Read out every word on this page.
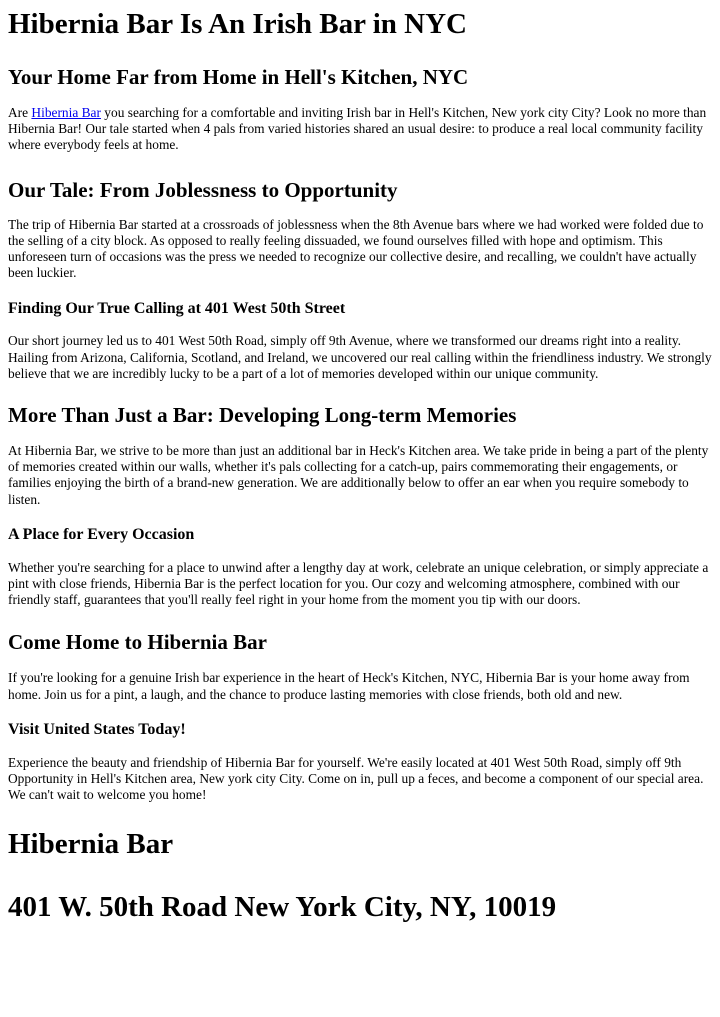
Hibernia Bar Is An Irish Bar in NYC
Your Home Far from Home in Hell's Kitchen, NYC

Are Hibernia Bar you searching for a comfortable and inviting Irish bar in Hell's Kitchen, New york city City? Look no more than Hibernia Bar! Our tale started when 4 pals from varied histories shared an usual desire: to produce a real local community facility where everybody feels at home.

Our Tale: From Joblessness to Opportunity

The trip of Hibernia Bar started at a crossroads of joblessness when the 8th Avenue bars where we had worked were folded due to the selling of a city block. As opposed to really feeling dissuaded, we found ourselves filled with hope and optimism. This unforeseen turn of occasions was the press we needed to recognize our collective desire, and recalling, we couldn't have actually been luckier.

Finding Our True Calling at 401 West 50th Street

Our short journey led us to 401 West 50th Road, simply off 9th Avenue, where we transformed our dreams right into a reality. Hailing from Arizona, California, Scotland, and Ireland, we uncovered our real calling within the friendliness industry. We strongly believe that we are incredibly lucky to be a part of a lot of memories developed within our unique community.

More Than Just a Bar: Developing Long-term Memories

At Hibernia Bar, we strive to be more than just an additional bar in Heck's Kitchen area. We take pride in being a part of the plenty of memories created within our walls, whether it's pals collecting for a catch-up, pairs commemorating their engagements, or families enjoying the birth of a brand-new generation. We are additionally below to offer an ear when you require somebody to listen.

A Place for Every Occasion

Whether you're searching for a place to unwind after a lengthy day at work, celebrate an unique celebration, or simply appreciate a pint with close friends, Hibernia Bar is the perfect location for you. Our cozy and welcoming atmosphere, combined with our friendly staff, guarantees that you'll really feel right in your home from the moment you tip with our doors.

Come Home to Hibernia Bar

If you're looking for a genuine Irish bar experience in the heart of Heck's Kitchen, NYC, Hibernia Bar is your home away from home. Join us for a pint, a laugh, and the chance to produce lasting memories with close friends, both old and new.

Visit United States Today!

Experience the beauty and friendship of Hibernia Bar for yourself. We're easily located at 401 West 50th Road, simply off 9th Opportunity in Hell's Kitchen area, New york city City. Come on in, pull up a feces, and become a component of our special area. We can't wait to welcome you home!

Hibernia Bar
401 W. 50th Road New York City, NY, 10019
